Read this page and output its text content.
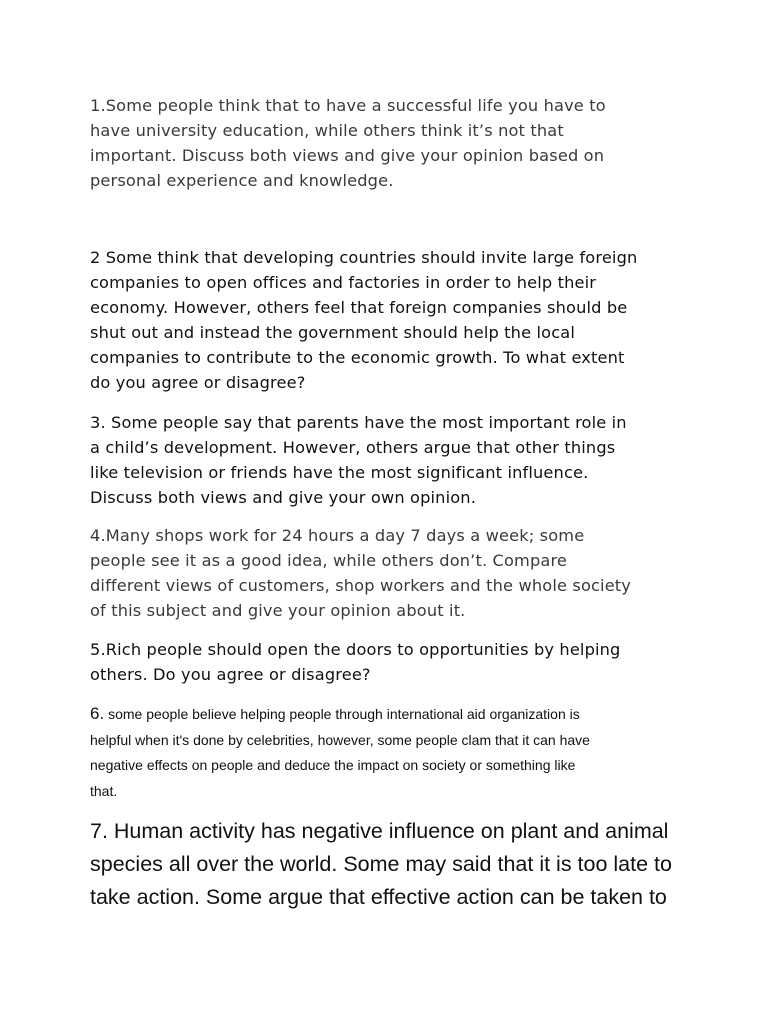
1.Some people think that to have a successful life you have to
have university education, while others think it’s not that
important. Discuss both views and give your opinion based on
personal experience and knowledge.
2 Some think that developing countries should invite large foreign
companies to open offices and factories in order to help their
economy. However, others feel that foreign companies should be
shut out and instead the government should help the local
companies to contribute to the economic growth. To what extent
do you agree or disagree?
3. Some people say that parents have the most important role in
a child’s development. However, others argue that other things
like television or friends have the most significant influence.
Discuss both views and give your own opinion.
4.Many shops work for 24 hours a day 7 days a week; some
people see it as a good idea, while others don’t. Compare
different views of customers, shop workers and the whole society
of this subject and give your opinion about it.
5.Rich people should open the doors to opportunities by helping
others. Do you agree or disagree?
6. some people believe helping people through international aid organization is
helpful when it's done by celebrities, however, some people clam that it can have
negative effects on people and deduce the impact on society or something like
that.
7. Human activity has negative influence on plant and animal
species all over the world. Some may said that it is too late to
take action. Some argue that effective action can be taken to
